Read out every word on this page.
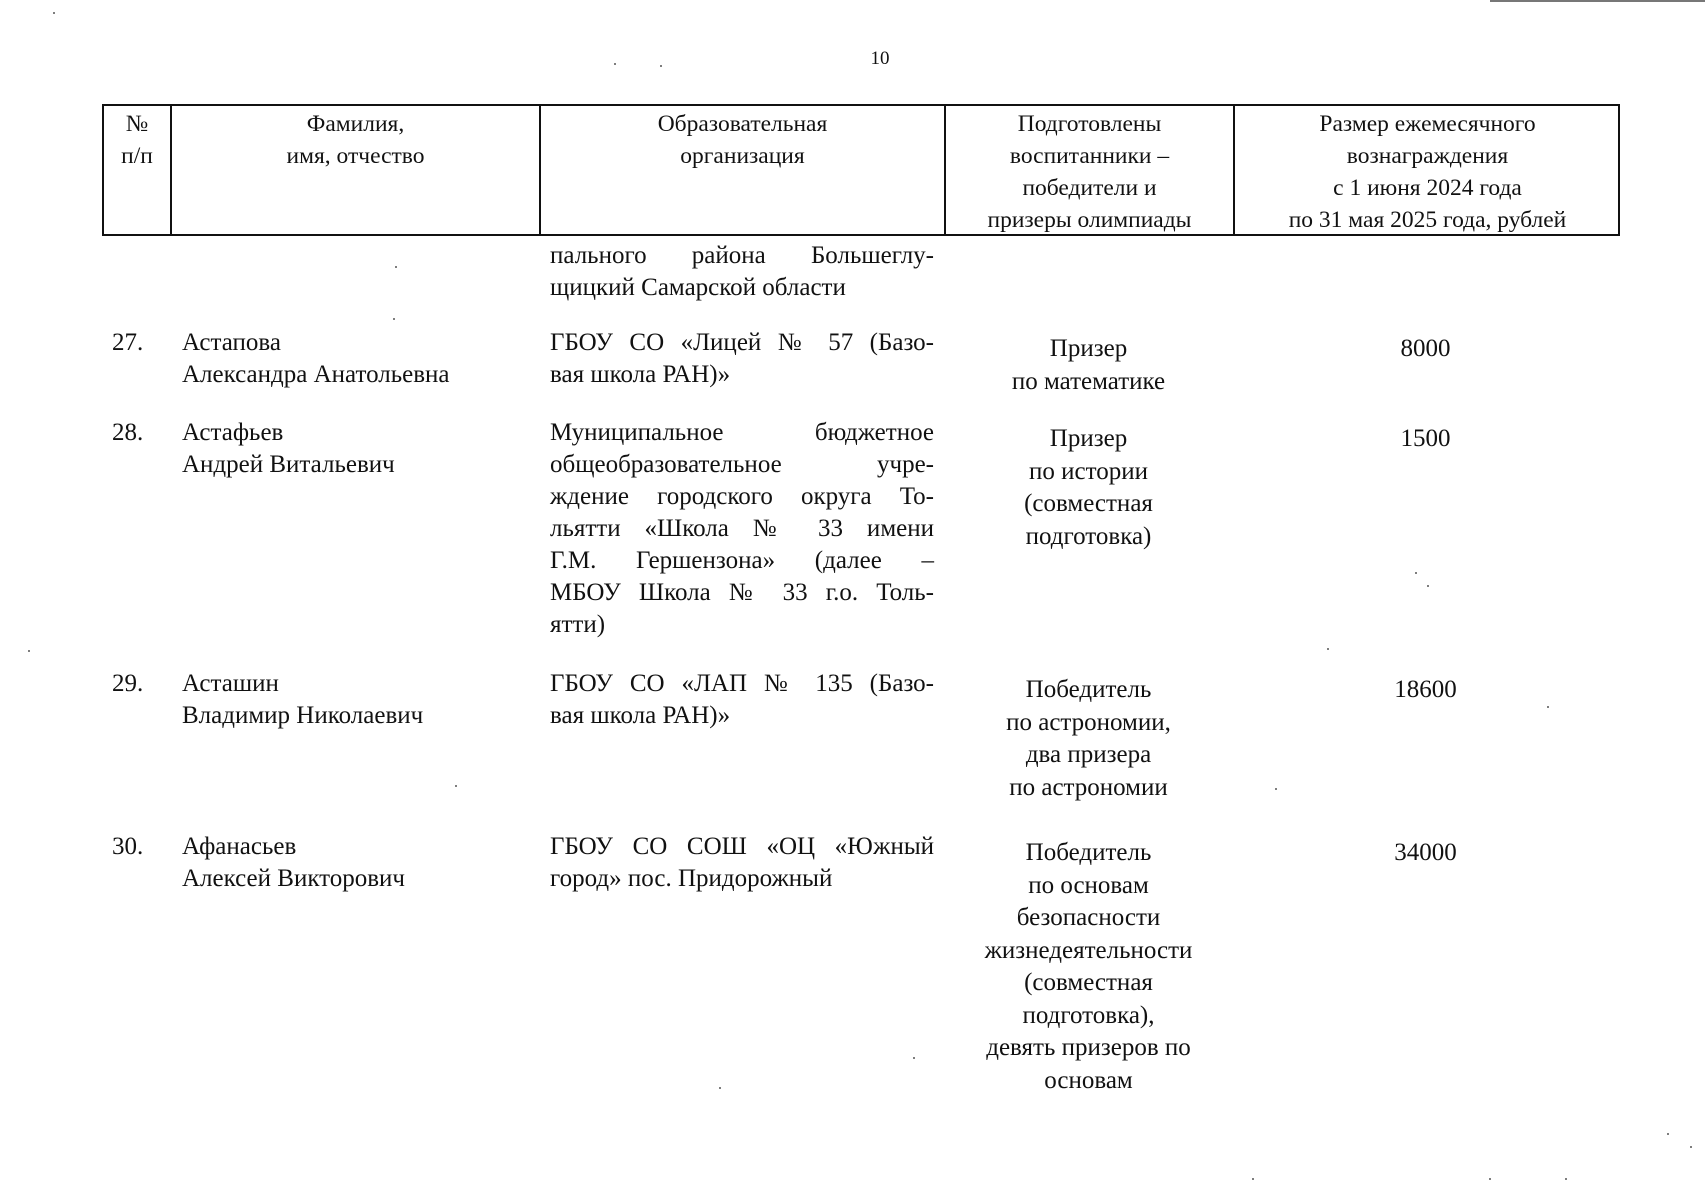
10
№
п/п
Фамилия,
имя, отчество
Образовательная
организация
Подготовлены
воспитанники –
победители и
призеры олимпиады
Размер ежемесячного
вознаграждения
с 1 июня 2024 года
по 31 мая 2025 года, рублей
пального района Большеглу-
щицкий Самарской области
27. Астапова
Александра Анатольевна
ГБОУ СО «Лицей № 57 (Базо-
вая школа РАН)»
Призер
по математике
8000
28. Астафьев
Андрей Витальевич
Муниципальное бюджетное
общеобразовательное учре-
ждение городского округа То-
льятти «Школа № 33 имени
Г.М. Гершензона» (далее –
МБОУ Школа № 33 г.о. Толь-
ятти)
Призер
по истории
(совместная
подготовка)
1500
29. Асташин
Владимир Николаевич
ГБОУ СО «ЛАП № 135 (Базо-
вая школа РАН)»
Победитель
по астрономии,
два призера
по астрономии
18600
30. Афанасьев
Алексей Викторович
ГБОУ СО СОШ «ОЦ «Южный
город» пос. Придорожный
Победитель
по основам
безопасности
жизнедеятельности
(совместная
подготовка),
девять призеров по
основам
34000
